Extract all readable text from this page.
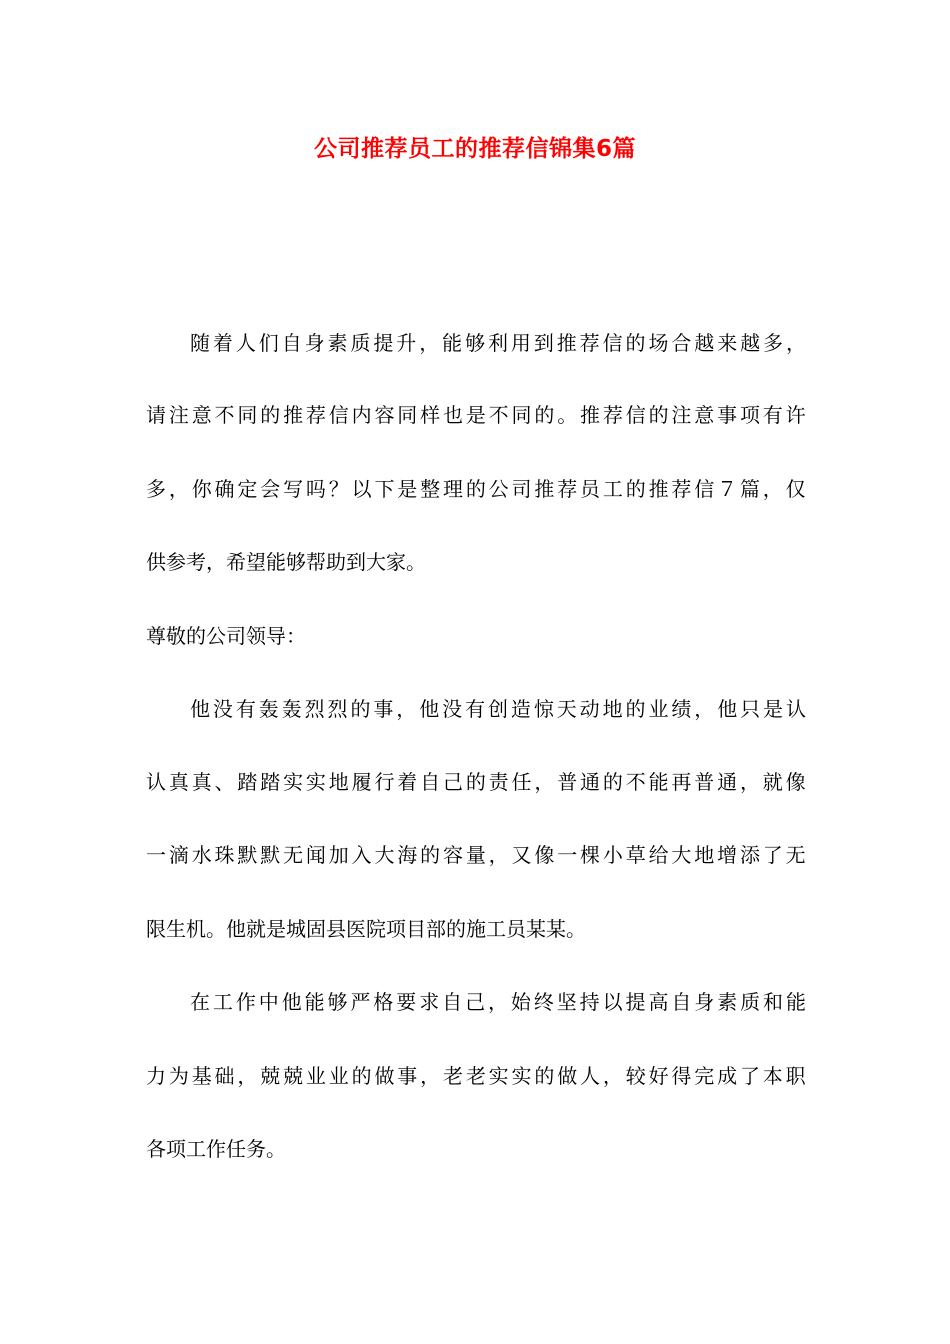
公司推荐员工的推荐信锦集6篇
随 着 人 们 自 身 素 质 提 升 ， 能 够 利 用 到 推 荐 信 的 场 合 越 来 越 多 ，
请 注 意 不 同 的 推 荐 信 内 容 同 样 也 是 不 同 的 。 推 荐 信 的 注 意 事 项 有 许
多 ， 你 确 定 会 写 吗 ？ 以 下 是 整 理 的 公 司 推 荐 员 工 的 推 荐 信 ７ 篇 ， 仅
供 参 考 ， 希 望 能 够 帮 助 到 大 家 。
尊 敬 的 公 司 领 导 ：
他 没 有 轰 轰 烈 烈 的 事 ， 他 没 有 创 造 惊 天 动 地 的 业 绩 ， 他 只 是 认
认 真 真 、 踏 踏 实 实 地 履 行 着 自 己 的 责 任 ， 普 通 的 不 能 再 普 通 ， 就 像
一 滴 水 珠 默 默 无 闻 加 入 大 海 的 容 量 ， 又 像 一 棵 小 草 给 大 地 增 添 了 无
限 生 机 。 他 就 是 城 固 县 医 院 项 目 部 的 施 工 员 某 某 。
在 工 作 中 他 能 够 严 格 要 求 自 己 ， 始 终 坚 持 以 提 高 自 身 素 质 和 能
力 为 基 础 ， 兢 兢 业 业 的 做 事 ， 老 老 实 实 的 做 人 ， 较 好 得 完 成 了 本 职
各 项 工 作 任 务 。
